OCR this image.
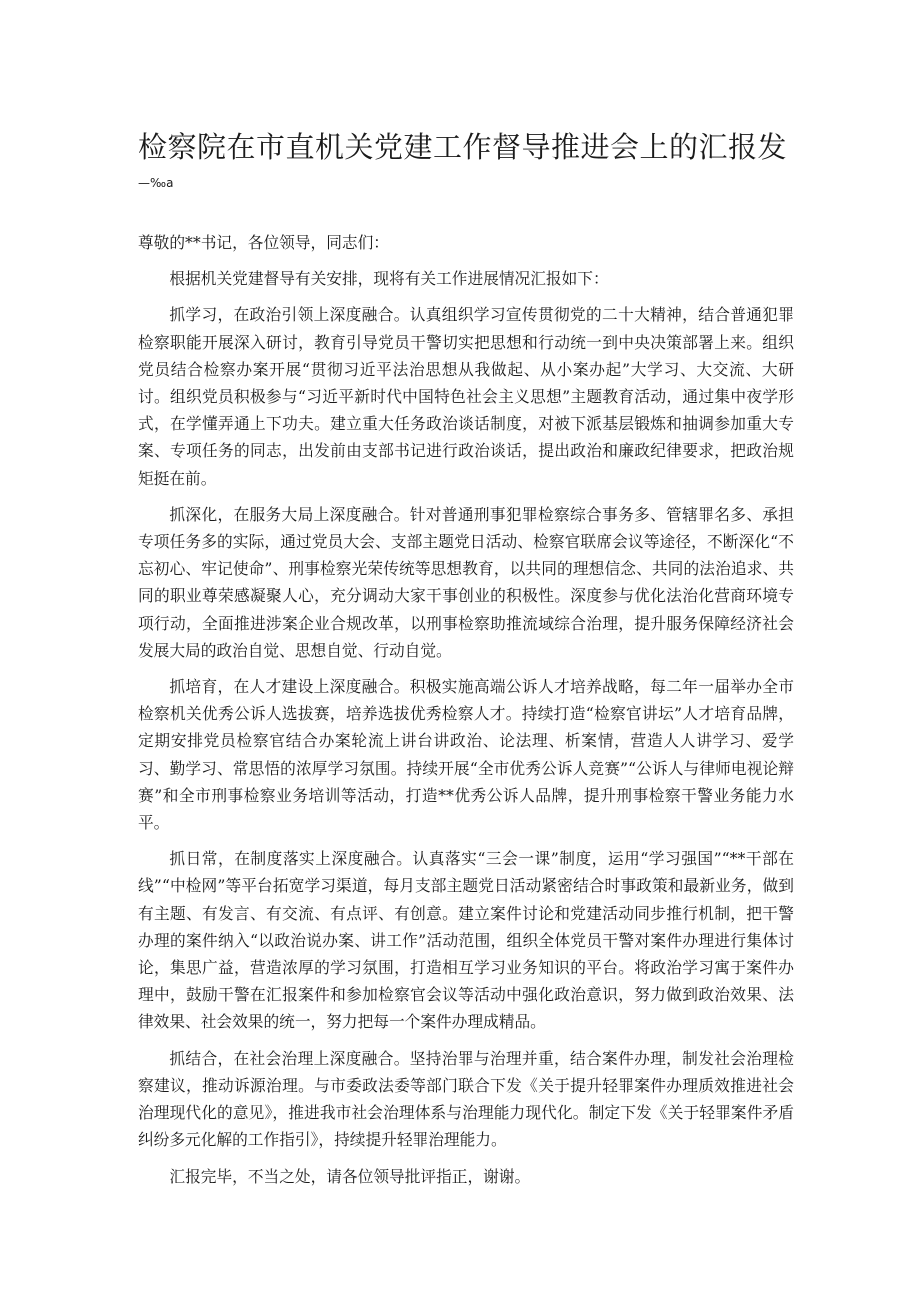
检察院在市直机关党建工作督导推进会上的汇报发
—‰a

尊敬的**书记，各位领导，同志们：

根据机关党建督导有关安排，现将有关工作进展情况汇报如下：

抓学习，在政治引领上深度融合。认真组织学习宣传贯彻党的二十大精神，结合普通犯罪检察职能开展深入研讨，教育引导党员干警切实把思想和行动统一到中央决策部署上来。组织党员结合检察办案开展“贯彻习近平法治思想从我做起、从小案办起”大学习、大交流、大研讨。组织党员积极参与“习近平新时代中国特色社会主义思想”主题教育活动，通过集中夜学形式，在学懂弄通上下功夫。建立重大任务政治谈话制度，对被下派基层锻炼和抽调参加重大专案、专项任务的同志，出发前由支部书记进行政治谈话，提出政治和廉政纪律要求，把政治规矩挺在前。

抓深化，在服务大局上深度融合。针对普通刑事犯罪检察综合事务多、管辖罪名多、承担专项任务多的实际，通过党员大会、支部主题党日活动、检察官联席会议等途径，不断深化“不忘初心、牢记使命”、刑事检察光荣传统等思想教育，以共同的理想信念、共同的法治追求、共同的职业尊荣感凝聚人心，充分调动大家干事创业的积极性。深度参与优化法治化营商环境专项行动，全面推进涉案企业合规改革，以刑事检察助推流域综合治理，提升服务保障经济社会发展大局的政治自觉、思想自觉、行动自觉。

抓培育，在人才建设上深度融合。积极实施高端公诉人才培养战略，每二年一届举办全市检察机关优秀公诉人选拔赛，培养选拔优秀检察人才。持续打造“检察官讲坛”人才培育品牌，定期安排党员检察官结合办案轮流上讲台讲政治、论法理、析案情，营造人人讲学习、爱学习、勤学习、常思悟的浓厚学习氛围。持续开展“全市优秀公诉人竞赛”“公诉人与律师电视论辩赛”和全市刑事检察业务培训等活动，打造**优秀公诉人品牌，提升刑事检察干警业务能力水平。

抓日常，在制度落实上深度融合。认真落实“三会一课”制度，运用“学习强国”“**干部在线”“中检网”等平台拓宽学习渠道，每月支部主题党日活动紧密结合时事政策和最新业务，做到有主题、有发言、有交流、有点评、有创意。建立案件讨论和党建活动同步推行机制，把干警办理的案件纳入“以政治说办案、讲工作”活动范围，组织全体党员干警对案件办理进行集体讨论，集思广益，营造浓厚的学习氛围，打造相互学习业务知识的平台。将政治学习寓于案件办理中，鼓励干警在汇报案件和参加检察官会议等活动中强化政治意识，努力做到政治效果、法律效果、社会效果的统一，努力把每一个案件办理成精品。

抓结合，在社会治理上深度融合。坚持治罪与治理并重，结合案件办理，制发社会治理检察建议，推动诉源治理。与市委政法委等部门联合下发《关于提升轻罪案件办理质效推进社会治理现代化的意见》，推进我市社会治理体系与治理能力现代化。制定下发《关于轻罪案件矛盾纠纷多元化解的工作指引》，持续提升轻罪治理能力。

汇报完毕，不当之处，请各位领导批评指正，谢谢。
